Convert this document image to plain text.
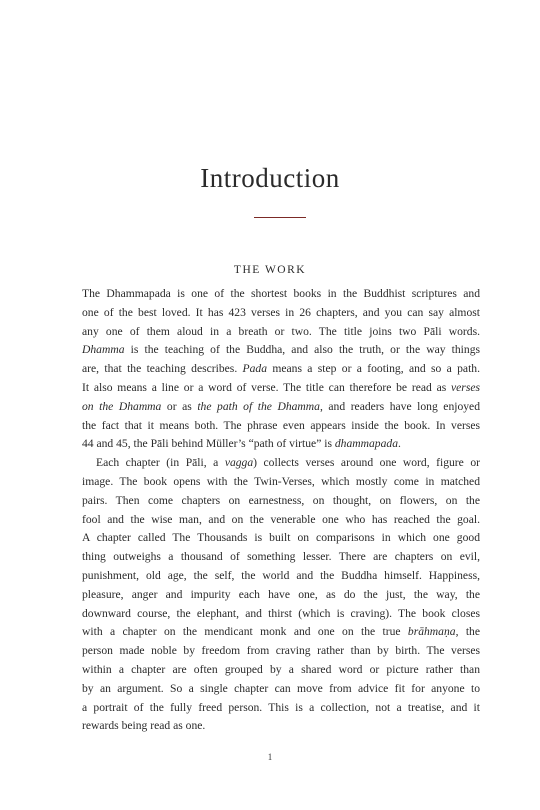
Introduction
THE WORK
The Dhammapada is one of the shortest books in the Buddhist scriptures and
one of the best loved. It has 423 verses in 26 chapters, and you can say almost
any one of them aloud in a breath or two. The title joins two Pāli words.
Dhamma is the teaching of the Buddha, and also the truth, or the way things
are, that the teaching describes. Pada means a step or a footing, and so a path.
It also means a line or a word of verse. The title can therefore be read as verses
on the Dhamma or as the path of the Dhamma, and readers have long enjoyed
the fact that it means both. The phrase even appears inside the book. In verses
44 and 45, the Pāli behind Müller’s “path of virtue” is dhammapada.
Each chapter (in Pāli, a vagga) collects verses around one word, figure or
image. The book opens with the Twin-Verses, which mostly come in matched
pairs. Then come chapters on earnestness, on thought, on flowers, on the
fool and the wise man, and on the venerable one who has reached the goal.
A chapter called The Thousands is built on comparisons in which one good
thing outweighs a thousand of something lesser. There are chapters on evil,
punishment, old age, the self, the world and the Buddha himself. Happiness,
pleasure, anger and impurity each have one, as do the just, the way, the
downward course, the elephant, and thirst (which is craving). The book closes
with a chapter on the mendicant monk and one on the true brāhmaṇa, the
person made noble by freedom from craving rather than by birth. The verses
within a chapter are often grouped by a shared word or picture rather than
by an argument. So a single chapter can move from advice fit for anyone to
a portrait of the fully freed person. This is a collection, not a treatise, and it
rewards being read as one.
1
